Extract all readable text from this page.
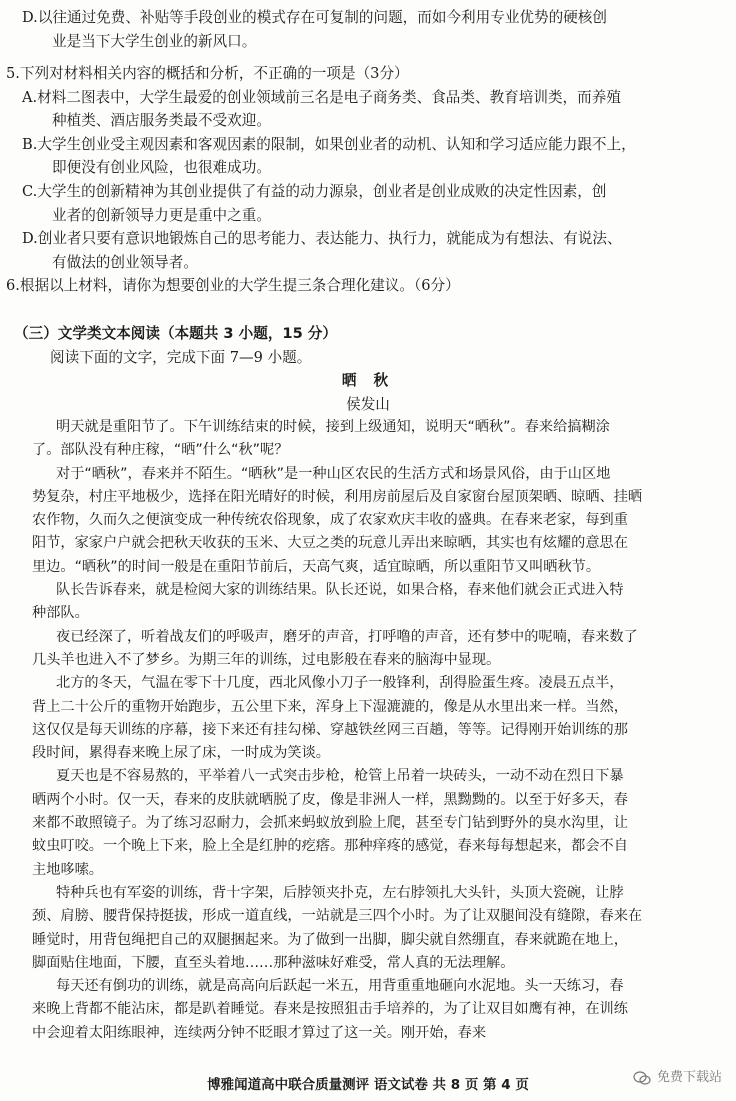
D.以往通过免费、补贴等手段创业的模式存在可复制的问题，而如今利用专业优势的硬核创
业是当下大学生创业的新风口。
5.下列对材料相关内容的概括和分析，不正确的一项是（3分）
A.材料二图表中，大学生最爱的创业领域前三名是电子商务类、食品类、教育培训类，而养殖
种植类、酒店服务类最不受欢迎。
B.大学生创业受主观因素和客观因素的限制，如果创业者的动机、认知和学习适应能力跟不上，
即便没有创业风险，也很难成功。
C.大学生的创新精神为其创业提供了有益的动力源泉，创业者是创业成败的决定性因素，创
业者的创新领导力更是重中之重。
D.创业者只要有意识地锻炼自己的思考能力、表达能力、执行力，就能成为有想法、有说法、
有做法的创业领导者。
6.根据以上材料，请你为想要创业的大学生提三条合理化建议。（6分）
（三）文学类文本阅读（本题共 3 小题，15 分）
阅读下面的文字，完成下面 7—9 小题。
晒 秋
侯发山
明天就是重阳节了。下午训练结束的时候，接到上级通知，说明天“晒秋”。春来给搞糊涂
了。部队没有种庄稼，“晒”什么“秋”呢？
对于“晒秋”，春来并不陌生。“晒秋”是一种山区农民的生活方式和场景风俗，由于山区地
势复杂，村庄平地极少，选择在阳光晴好的时候，利用房前屋后及自家窗台屋顶架晒、晾晒、挂晒
农作物，久而久之便演变成一种传统农俗现象，成了农家欢庆丰收的盛典。在春来老家，每到重
阳节，家家户户就会把秋天收获的玉米、大豆之类的玩意儿弄出来晾晒，其实也有炫耀的意思在
里边。“晒秋”的时间一般是在重阳节前后，天高气爽，适宜晾晒，所以重阳节又叫晒秋节。
队长告诉春来，就是检阅大家的训练结果。队长还说，如果合格，春来他们就会正式进入特
种部队。
夜已经深了，听着战友们的呼吸声，磨牙的声音，打呼噜的声音，还有梦中的呢喃，春来数了
几头羊也进入不了梦乡。为期三年的训练，过电影般在春来的脑海中显现。
北方的冬天，气温在零下十几度，西北风像小刀子一般锋利，刮得脸蛋生疼。凌晨五点半，
背上二十公斤的重物开始跑步，五公里下来，浑身上下湿漉漉的，像是从水里出来一样。当然，
这仅仅是每天训练的序幕，接下来还有挂勾梯、穿越铁丝网三百趟，等等。记得刚开始训练的那
段时间，累得春来晚上尿了床，一时成为笑谈。
夏天也是不容易熬的，平举着八一式突击步枪，枪管上吊着一块砖头，一动不动在烈日下暴
晒两个小时。仅一天，春来的皮肤就晒脱了皮，像是非洲人一样，黑黝黝的。以至于好多天，春
来都不敢照镜子。为了练习忍耐力，会抓来蚂蚁放到脸上爬，甚至专门钻到野外的臭水沟里，让
蚊虫叮咬。一个晚上下来，脸上全是红肿的疙瘩。那种痒疼的感觉，春来每每想起来，都会不自
主地哆嗦。
特种兵也有军姿的训练，背十字架，后脖领夹扑克，左右脖领扎大头针，头顶大瓷碗，让脖
颈、肩膀、腰背保持挺拔，形成一道直线，一站就是三四个小时。为了让双腿间没有缝隙，春来在
睡觉时，用背包绳把自己的双腿捆起来。为了做到一出脚，脚尖就自然绷直，春来就跪在地上，
脚面贴住地面，下腰，直至头着地……那种滋味好难受，常人真的无法理解。
每天还有倒功的训练，就是高高向后跃起一米五，用背重重地砸向水泥地。头一天练习，春
来晚上背都不能沾床，都是趴着睡觉。春来是按照狙击手培养的，为了让双目如鹰有神，在训练
中会迎着太阳练眼神，连续两分钟不眨眼才算过了这一关。刚开始，春来
博雅闻道高中联合质量测评 语文试卷 共 8 页 第 4 页	免费下载站
